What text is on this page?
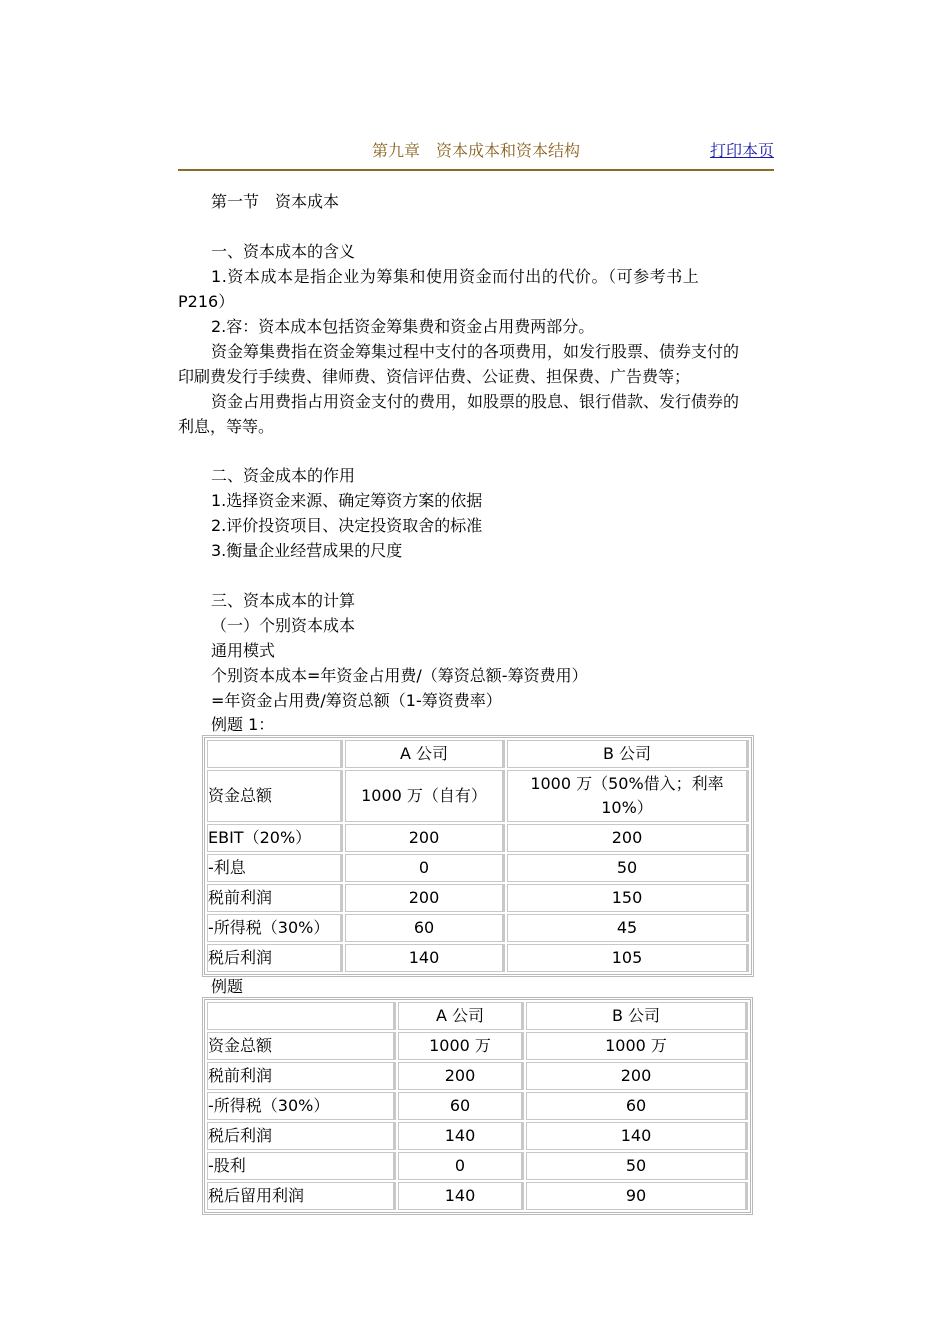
第九章　资本成本和资本结构	打印本页
第一节　资本成本
一、资本成本的含义
1.资本成本是指企业为筹集和使用资金而付出的代价。（可参考书上
P216）
2.容：资本成本包括资金筹集费和资金占用费两部分。
资金筹集费指在资金筹集过程中支付的各项费用，如发行股票、债券支付的
印刷费发行手续费、律师费、资信评估费、公证费、担保费、广告费等；
资金占用费指占用资金支付的费用，如股票的股息、银行借款、发行债券的
利息，等等。
二、资金成本的作用
1.选择资金来源、确定筹资方案的依据
2.评价投资项目、决定投资取舍的标准
3.衡量企业经营成果的尺度
三、资本成本的计算
（一）个别资本成本
通用模式
个别资本成本=年资金占用费/（筹资总额-筹资费用）
=年资金占用费/筹资总额（1-筹资费率）
例题 1：
	A 公司	B 公司
资金总额	1000 万（自有）	1000 万（50%借入；利率
10%）

EBIT（20%）	200	200
-利息	0	50
税前利润	200	150
-所得税（30%）	60	45
税后利润	140	105
例题
	A 公司	B 公司
资金总额	1000 万	1000 万
税前利润	200	200
-所得税（30%）	60	60
税后利润	140	140
-股利	0	50
税后留用利润	140	90
